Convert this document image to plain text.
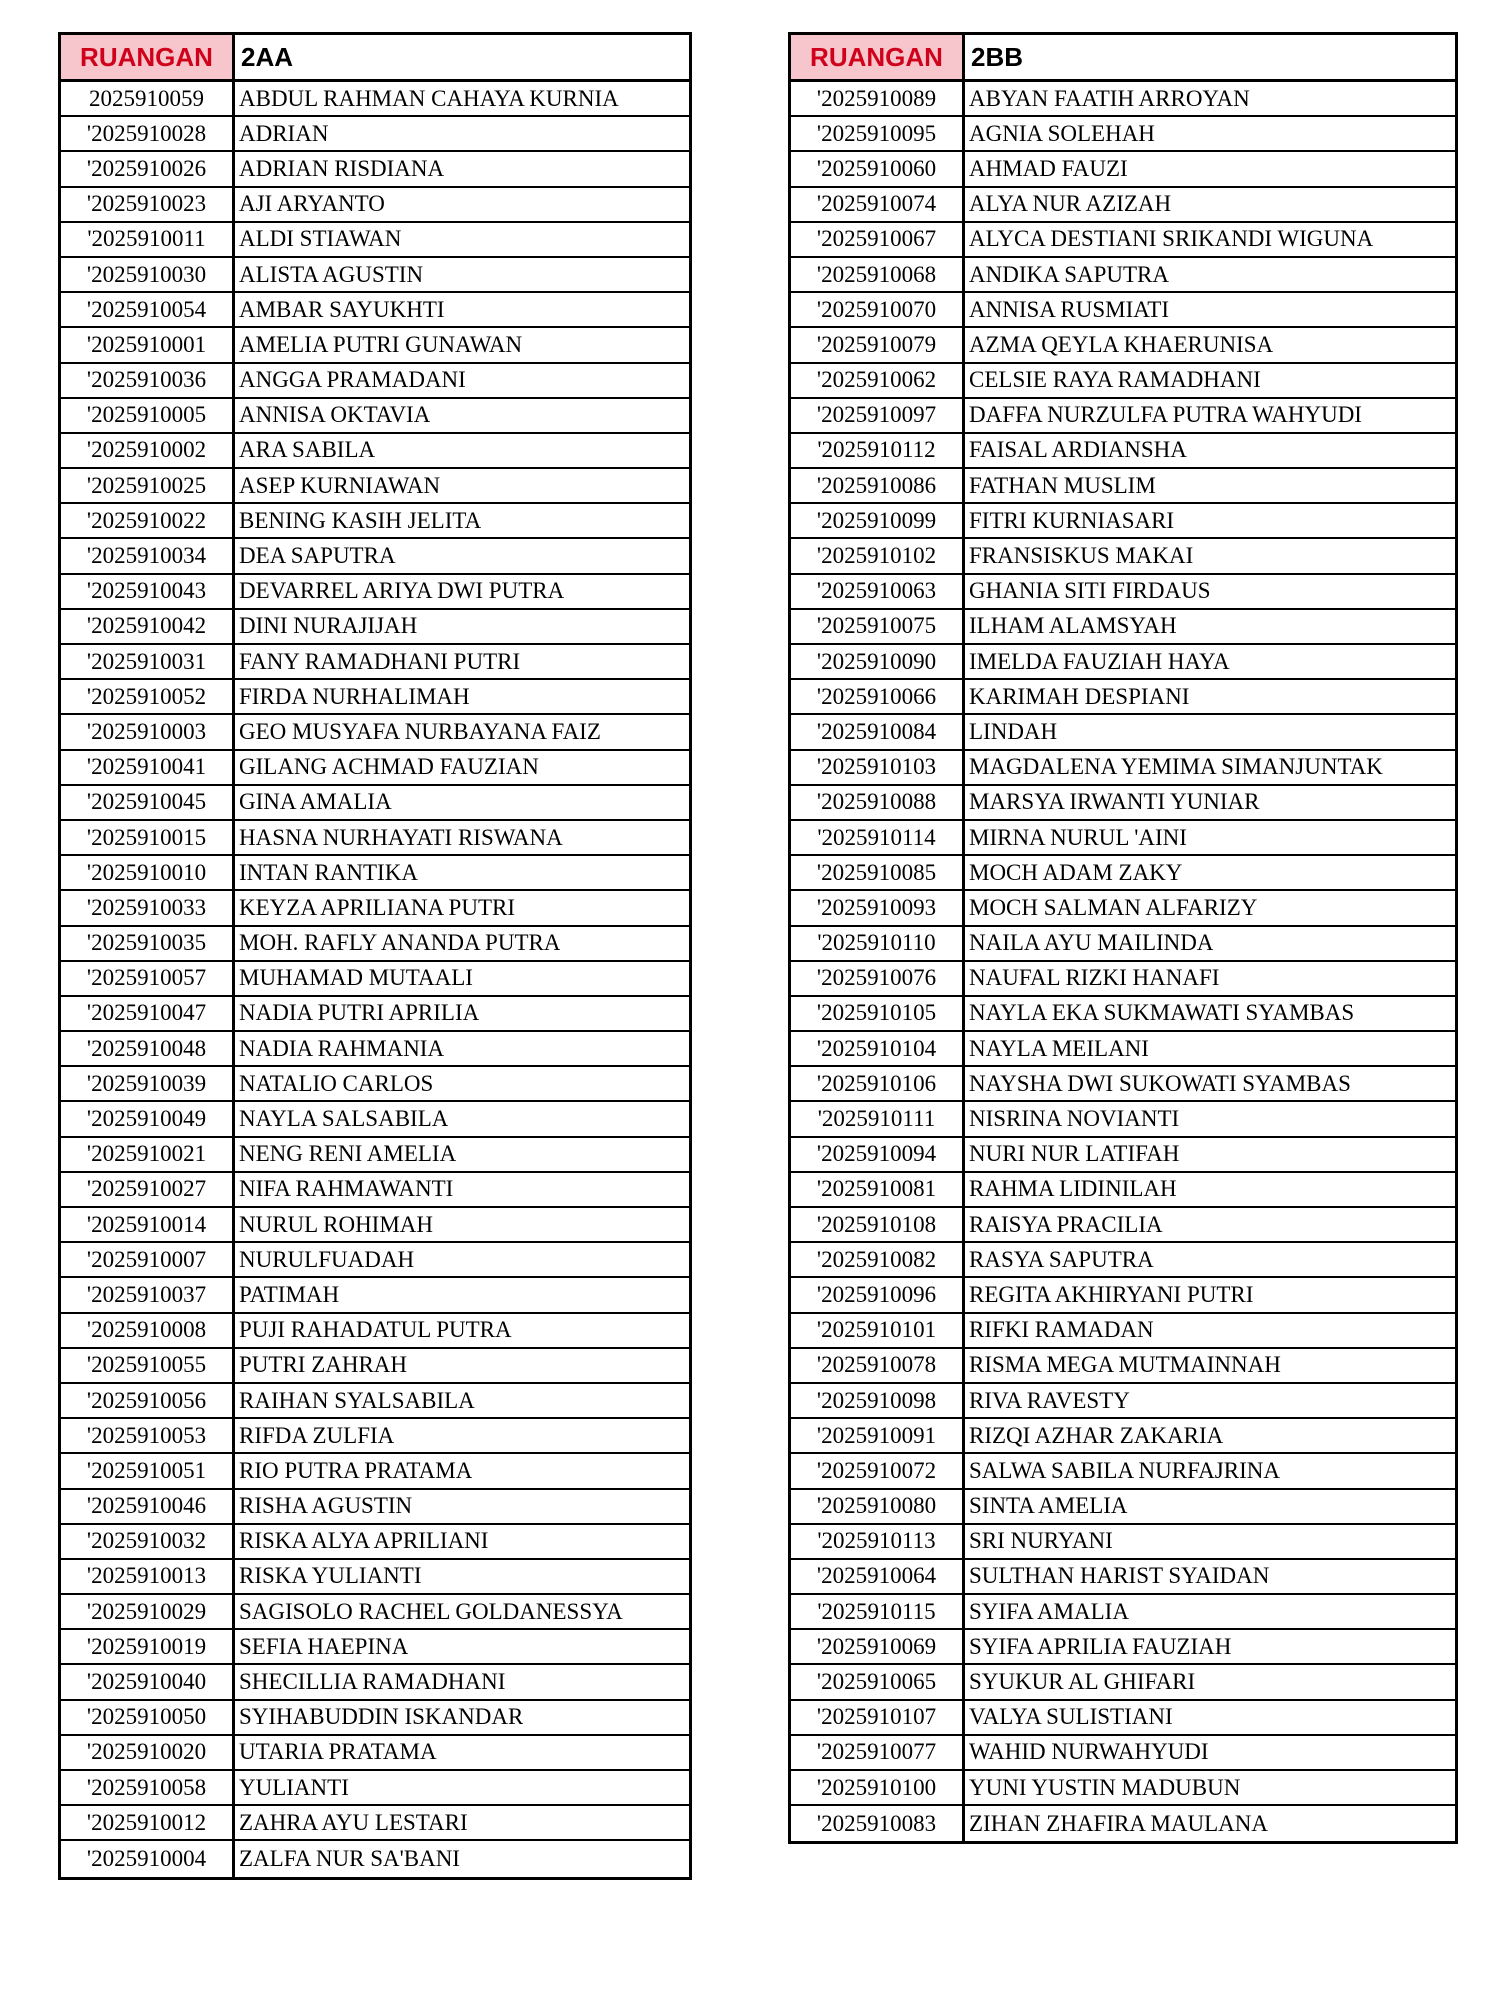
RUANGAN	2AA
2025910059	ABDUL RAHMAN CAHAYA KURNIA
'2025910028	ADRIAN
'2025910026	ADRIAN RISDIANA
'2025910023	AJI ARYANTO
'2025910011	ALDI STIAWAN
'2025910030	ALISTA AGUSTIN
'2025910054	AMBAR SAYUKHTI
'2025910001	AMELIA PUTRI GUNAWAN
'2025910036	ANGGA PRAMADANI
'2025910005	ANNISA OKTAVIA
'2025910002	ARA SABILA
'2025910025	ASEP KURNIAWAN
'2025910022	BENING KASIH JELITA
'2025910034	DEA SAPUTRA
'2025910043	DEVARREL ARIYA DWI PUTRA
'2025910042	DINI NURAJIJAH
'2025910031	FANY RAMADHANI PUTRI
'2025910052	FIRDA NURHALIMAH
'2025910003	GEO MUSYAFA NURBAYANA FAIZ
'2025910041	GILANG ACHMAD FAUZIAN
'2025910045	GINA AMALIA
'2025910015	HASNA NURHAYATI RISWANA
'2025910010	INTAN RANTIKA
'2025910033	KEYZA APRILIANA PUTRI
'2025910035	MOH. RAFLY ANANDA PUTRA
'2025910057	MUHAMAD MUTAALI
'2025910047	NADIA PUTRI APRILIA
'2025910048	NADIA RAHMANIA
'2025910039	NATALIO CARLOS
'2025910049	NAYLA SALSABILA
'2025910021	NENG RENI AMELIA
'2025910027	NIFA RAHMAWANTI
'2025910014	NURUL ROHIMAH
'2025910007	NURULFUADAH
'2025910037	PATIMAH
'2025910008	PUJI RAHADATUL PUTRA
'2025910055	PUTRI ZAHRAH
'2025910056	RAIHAN SYALSABILA
'2025910053	RIFDA ZULFIA
'2025910051	RIO PUTRA PRATAMA
'2025910046	RISHA AGUSTIN
'2025910032	RISKA ALYA APRILIANI
'2025910013	RISKA YULIANTI
'2025910029	SAGISOLO RACHEL GOLDANESSYA
'2025910019	SEFIA HAEPINA
'2025910040	SHECILLIA RAMADHANI
'2025910050	SYIHABUDDIN ISKANDAR
'2025910020	UTARIA PRATAMA
'2025910058	YULIANTI
'2025910012	ZAHRA AYU LESTARI
'2025910004	ZALFA NUR SA'BANI
RUANGAN	2BB
'2025910089	ABYAN FAATIH ARROYAN
'2025910095	AGNIA SOLEHAH
'2025910060	AHMAD FAUZI
'2025910074	ALYA NUR AZIZAH
'2025910067	ALYCA DESTIANI SRIKANDI WIGUNA
'2025910068	ANDIKA SAPUTRA
'2025910070	ANNISA RUSMIATI
'2025910079	AZMA QEYLA KHAERUNISA
'2025910062	CELSIE RAYA RAMADHANI
'2025910097	DAFFA NURZULFA PUTRA WAHYUDI
'2025910112	FAISAL ARDIANSHA
'2025910086	FATHAN MUSLIM
'2025910099	FITRI KURNIASARI
'2025910102	FRANSISKUS MAKAI
'2025910063	GHANIA SITI FIRDAUS
'2025910075	ILHAM ALAMSYAH
'2025910090	IMELDA FAUZIAH HAYA
'2025910066	KARIMAH DESPIANI
'2025910084	LINDAH
'2025910103	MAGDALENA YEMIMA SIMANJUNTAK
'2025910088	MARSYA IRWANTI YUNIAR
'2025910114	MIRNA NURUL 'AINI
'2025910085	MOCH ADAM ZAKY
'2025910093	MOCH SALMAN ALFARIZY
'2025910110	NAILA AYU MAILINDA
'2025910076	NAUFAL RIZKI HANAFI
'2025910105	NAYLA EKA SUKMAWATI SYAMBAS
'2025910104	NAYLA MEILANI
'2025910106	NAYSHA DWI SUKOWATI SYAMBAS
'2025910111	NISRINA NOVIANTI
'2025910094	NURI NUR LATIFAH
'2025910081	RAHMA LIDINILAH
'2025910108	RAISYA PRACILIA
'2025910082	RASYA SAPUTRA
'2025910096	REGITA AKHIRYANI PUTRI
'2025910101	RIFKI RAMADAN
'2025910078	RISMA MEGA MUTMAINNAH
'2025910098	RIVA RAVESTY
'2025910091	RIZQI AZHAR ZAKARIA
'2025910072	SALWA SABILA NURFAJRINA
'2025910080	SINTA AMELIA
'2025910113	SRI NURYANI
'2025910064	SULTHAN HARIST SYAIDAN
'2025910115	SYIFA AMALIA
'2025910069	SYIFA APRILIA FAUZIAH
'2025910065	SYUKUR AL GHIFARI
'2025910107	VALYA SULISTIANI
'2025910077	WAHID NURWAHYUDI
'2025910100	YUNI YUSTIN MADUBUN
'2025910083	ZIHAN ZHAFIRA MAULANA
